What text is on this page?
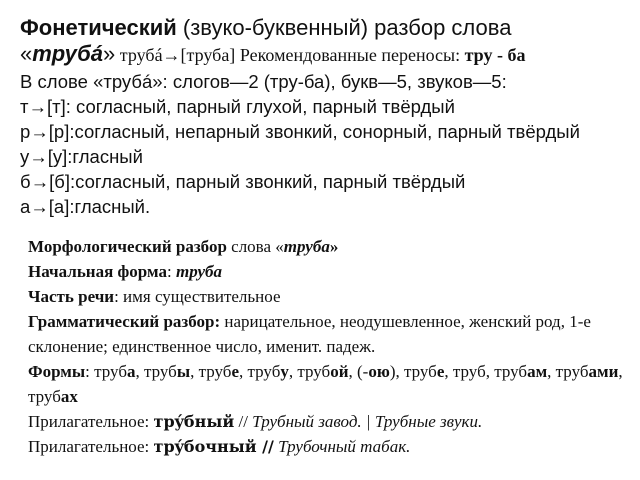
Фонетический (звуко-буквенный) разбор слова
«трубá» трубá→[труба] Рекомендованные переносы: тру - ба
В слове «трубá»: слогов—2 (тру-ба), букв—5, звуков—5:
т→[т]: согласный, парный глухой, парный твёрдый
р→[р]:согласный, непарный звонкий, сонорный, парный твёрдый
у→[у]:гласный
б→[б]:согласный, парный звонкий, парный твёрдый
а→[а]:гласный.
Морфологический разбор слова «труба»
Начальная форма: труба
Часть речи: имя существительное
Грамматический разбор: нарицательное, неодушевленное, женский род, 1-е склонение; единственное число, именит. падеж.
Формы: труба, трубы, трубе, трубу, трубой, (-ою), трубе, труб, трубам, трубами, трубах
Прилагательное: трýбный // Трубный завод. | Трубные звуки.
Прилагательное: трýбочный // Трубочный табак.
